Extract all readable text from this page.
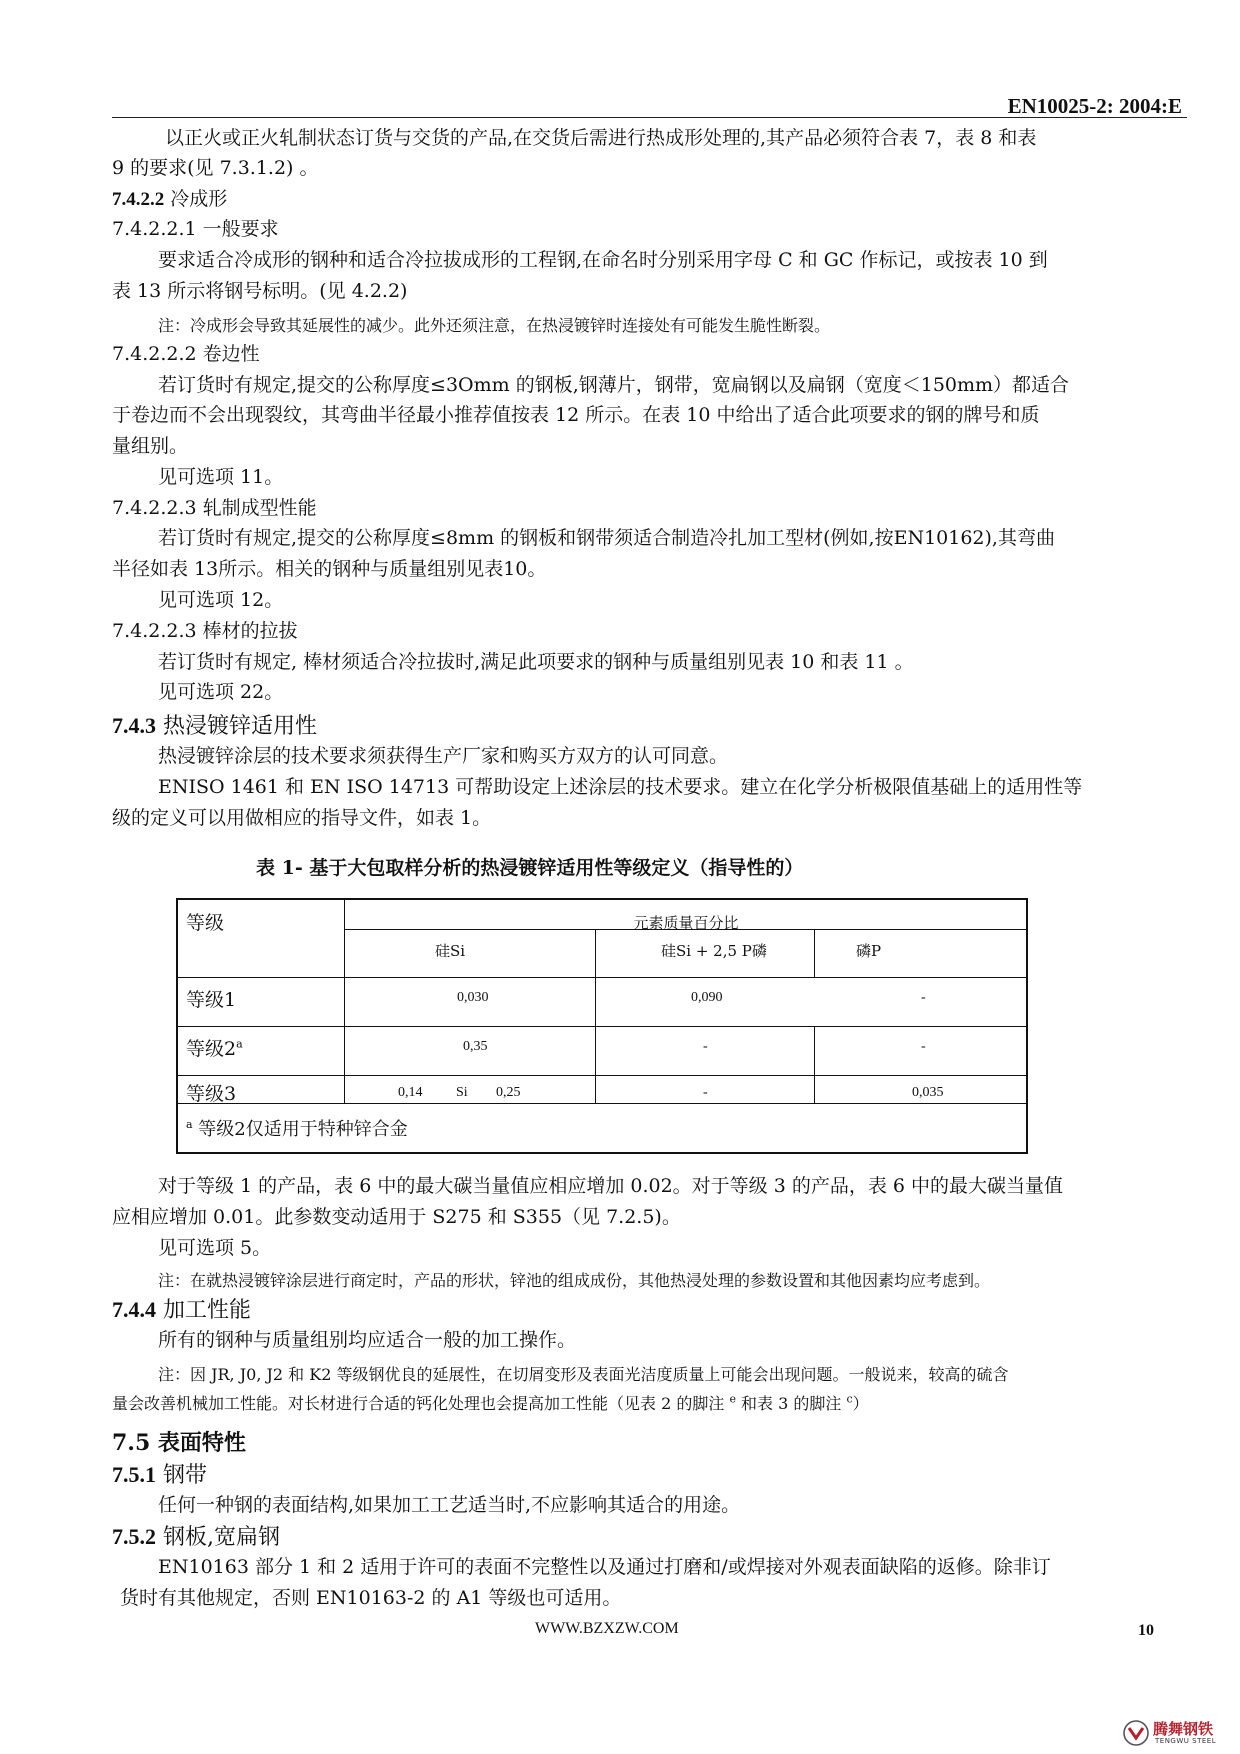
EN10025-2: 2004:E
以正火或正火轧制状态订货与交货的产品,在交货后需进行热成形处理的,其产品必须符合表 7，表 8 和表
9 的要求(见 7.3.1.2) 。
7.4.2.2 冷成形
7.4.2.2.1 一般要求
要求适合冷成形的钢种和适合冷拉拔成形的工程钢,在命名时分别采用字母 C 和 GC 作标记，或按表 10 到
表 13 所示将钢号标明。(见 4.2.2)
注：冷成形会导致其延展性的减少。此外还须注意，在热浸镀锌时连接处有可能发生脆性断裂。
7.4.2.2.2 卷边性
若订货时有规定,提交的公称厚度≤3Omm 的钢板,钢薄片，钢带，宽扁钢以及扁钢（宽度＜150mm）都适合
于卷边而不会出现裂纹，其弯曲半径最小推荐值按表 12 所示。在表 10 中给出了适合此项要求的钢的牌号和质
量组别。
见可选项 11。
7.4.2.2.3 轧制成型性能
若订货时有规定,提交的公称厚度≤8mm 的钢板和钢带须适合制造冷扎加工型材(例如,按EN10162),其弯曲
半径如表 13所示。相关的钢种与质量组别见表10。
见可选项 12。
7.4.2.2.3 棒材的拉拔
若订货时有规定, 棒材须适合冷拉拔时,满足此项要求的钢种与质量组别见表 10 和表 11 。
见可选项 22。
7.4.3 热浸镀锌适用性
热浸镀锌涂层的技术要求须获得生产厂家和购买方双方的认可同意。
ENISO 1461 和 EN ISO 14713 可帮助设定上述涂层的技术要求。建立在化学分析极限值基础上的适用性等
级的定义可以用做相应的指导文件，如表 1。
表 1- 基于大包取样分析的热浸镀锌适用性等级定义（指导性的）
等级	元素质量百分比
硅Si	硅Si + 2,5 P磷	磷P
等级1	0,030	0,090	-
等级2$^a$	0,35	-	-
等级3	0,14 Si 0,25	-	0,035
$^a$ 等级2仅适用于特种锌合金
对于等级 1 的产品，表 6 中的最大碳当量值应相应增加 0.02。对于等级 3 的产品，表 6 中的最大碳当量值
应相应增加 0.01。此参数变动适用于 S275 和 S355（见 7.2.5)。
见可选项 5。
注：在就热浸镀锌涂层进行商定时，产品的形状，锌池的组成成份，其他热浸处理的参数设置和其他因素均应考虑到。
7.4.4 加工性能
所有的钢种与质量组别均应适合一般的加工操作。
注：因 JR, J0, J2 和 K2 等级钢优良的延展性，在切屑变形及表面光洁度质量上可能会出现问题。一般说来，较高的硫含
量会改善机械加工性能。对长材进行合适的钙化处理也会提高加工性能（见表 2 的脚注 $^e$ 和表 3 的脚注 $^c$）
7.5 表面特性
7.5.1 钢带
任何一种钢的表面结构,如果加工工艺适当时,不应影响其适合的用途。
7.5.2 钢板,宽扁钢
EN10163 部分 1 和 2 适用于许可的表面不完整性以及通过打磨和/或焊接对外观表面缺陷的返修。除非订
货时有其他规定，否则 EN10163-2 的 A1 等级也可适用。
WWW.BZXZW.COM	10
腾舞钢铁
TENGWU STEEL
